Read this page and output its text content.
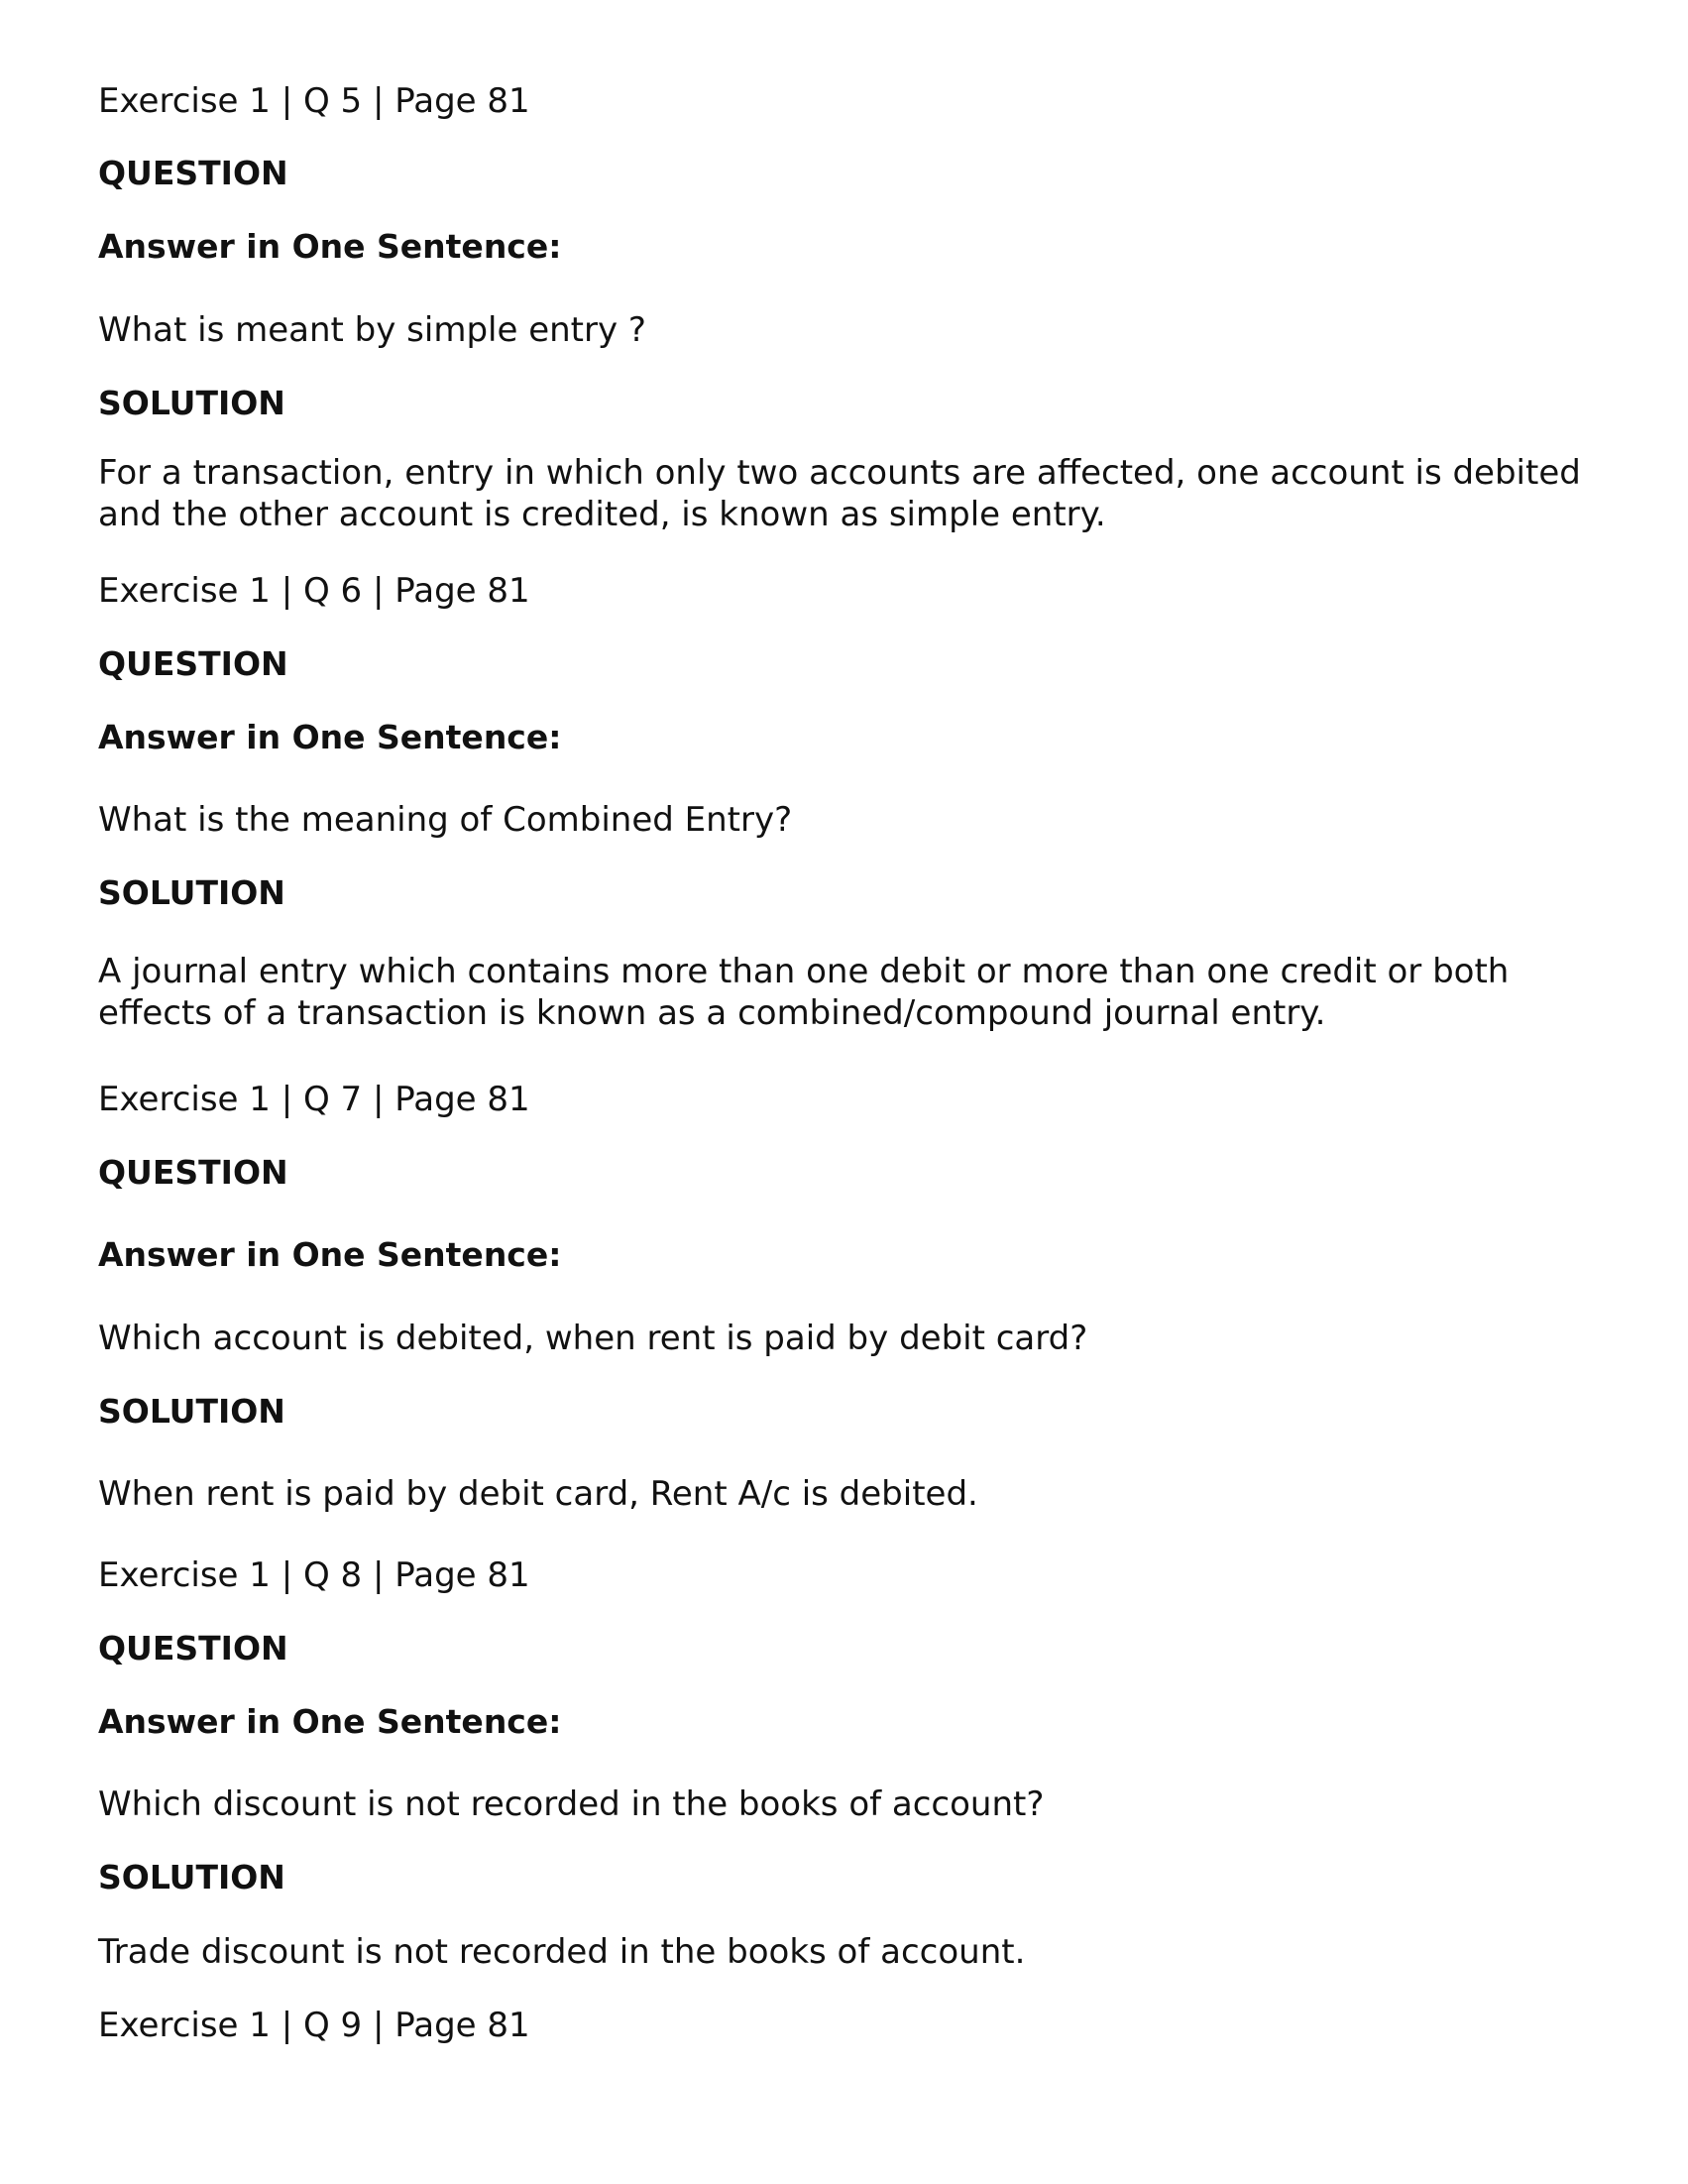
Exercise 1 | Q 5 | Page 81

QUESTION

Answer in One Sentence:

What is meant by simple entry ?

SOLUTION

For a transaction, entry in which only two accounts are affected, one account is debited and the other account is credited, is known as simple entry.

Exercise 1 | Q 6 | Page 81

QUESTION

Answer in One Sentence:

What is the meaning of Combined Entry?

SOLUTION

A journal entry which contains more than one debit or more than one credit or both effects of a transaction is known as a combined/compound journal entry.

Exercise 1 | Q 7 | Page 81

QUESTION

Answer in One Sentence:

Which account is debited, when rent is paid by debit card?

SOLUTION

When rent is paid by debit card, Rent A/c is debited.

Exercise 1 | Q 8 | Page 81

QUESTION

Answer in One Sentence:

Which discount is not recorded in the books of account?

SOLUTION

Trade discount is not recorded in the books of account.

Exercise 1 | Q 9 | Page 81
